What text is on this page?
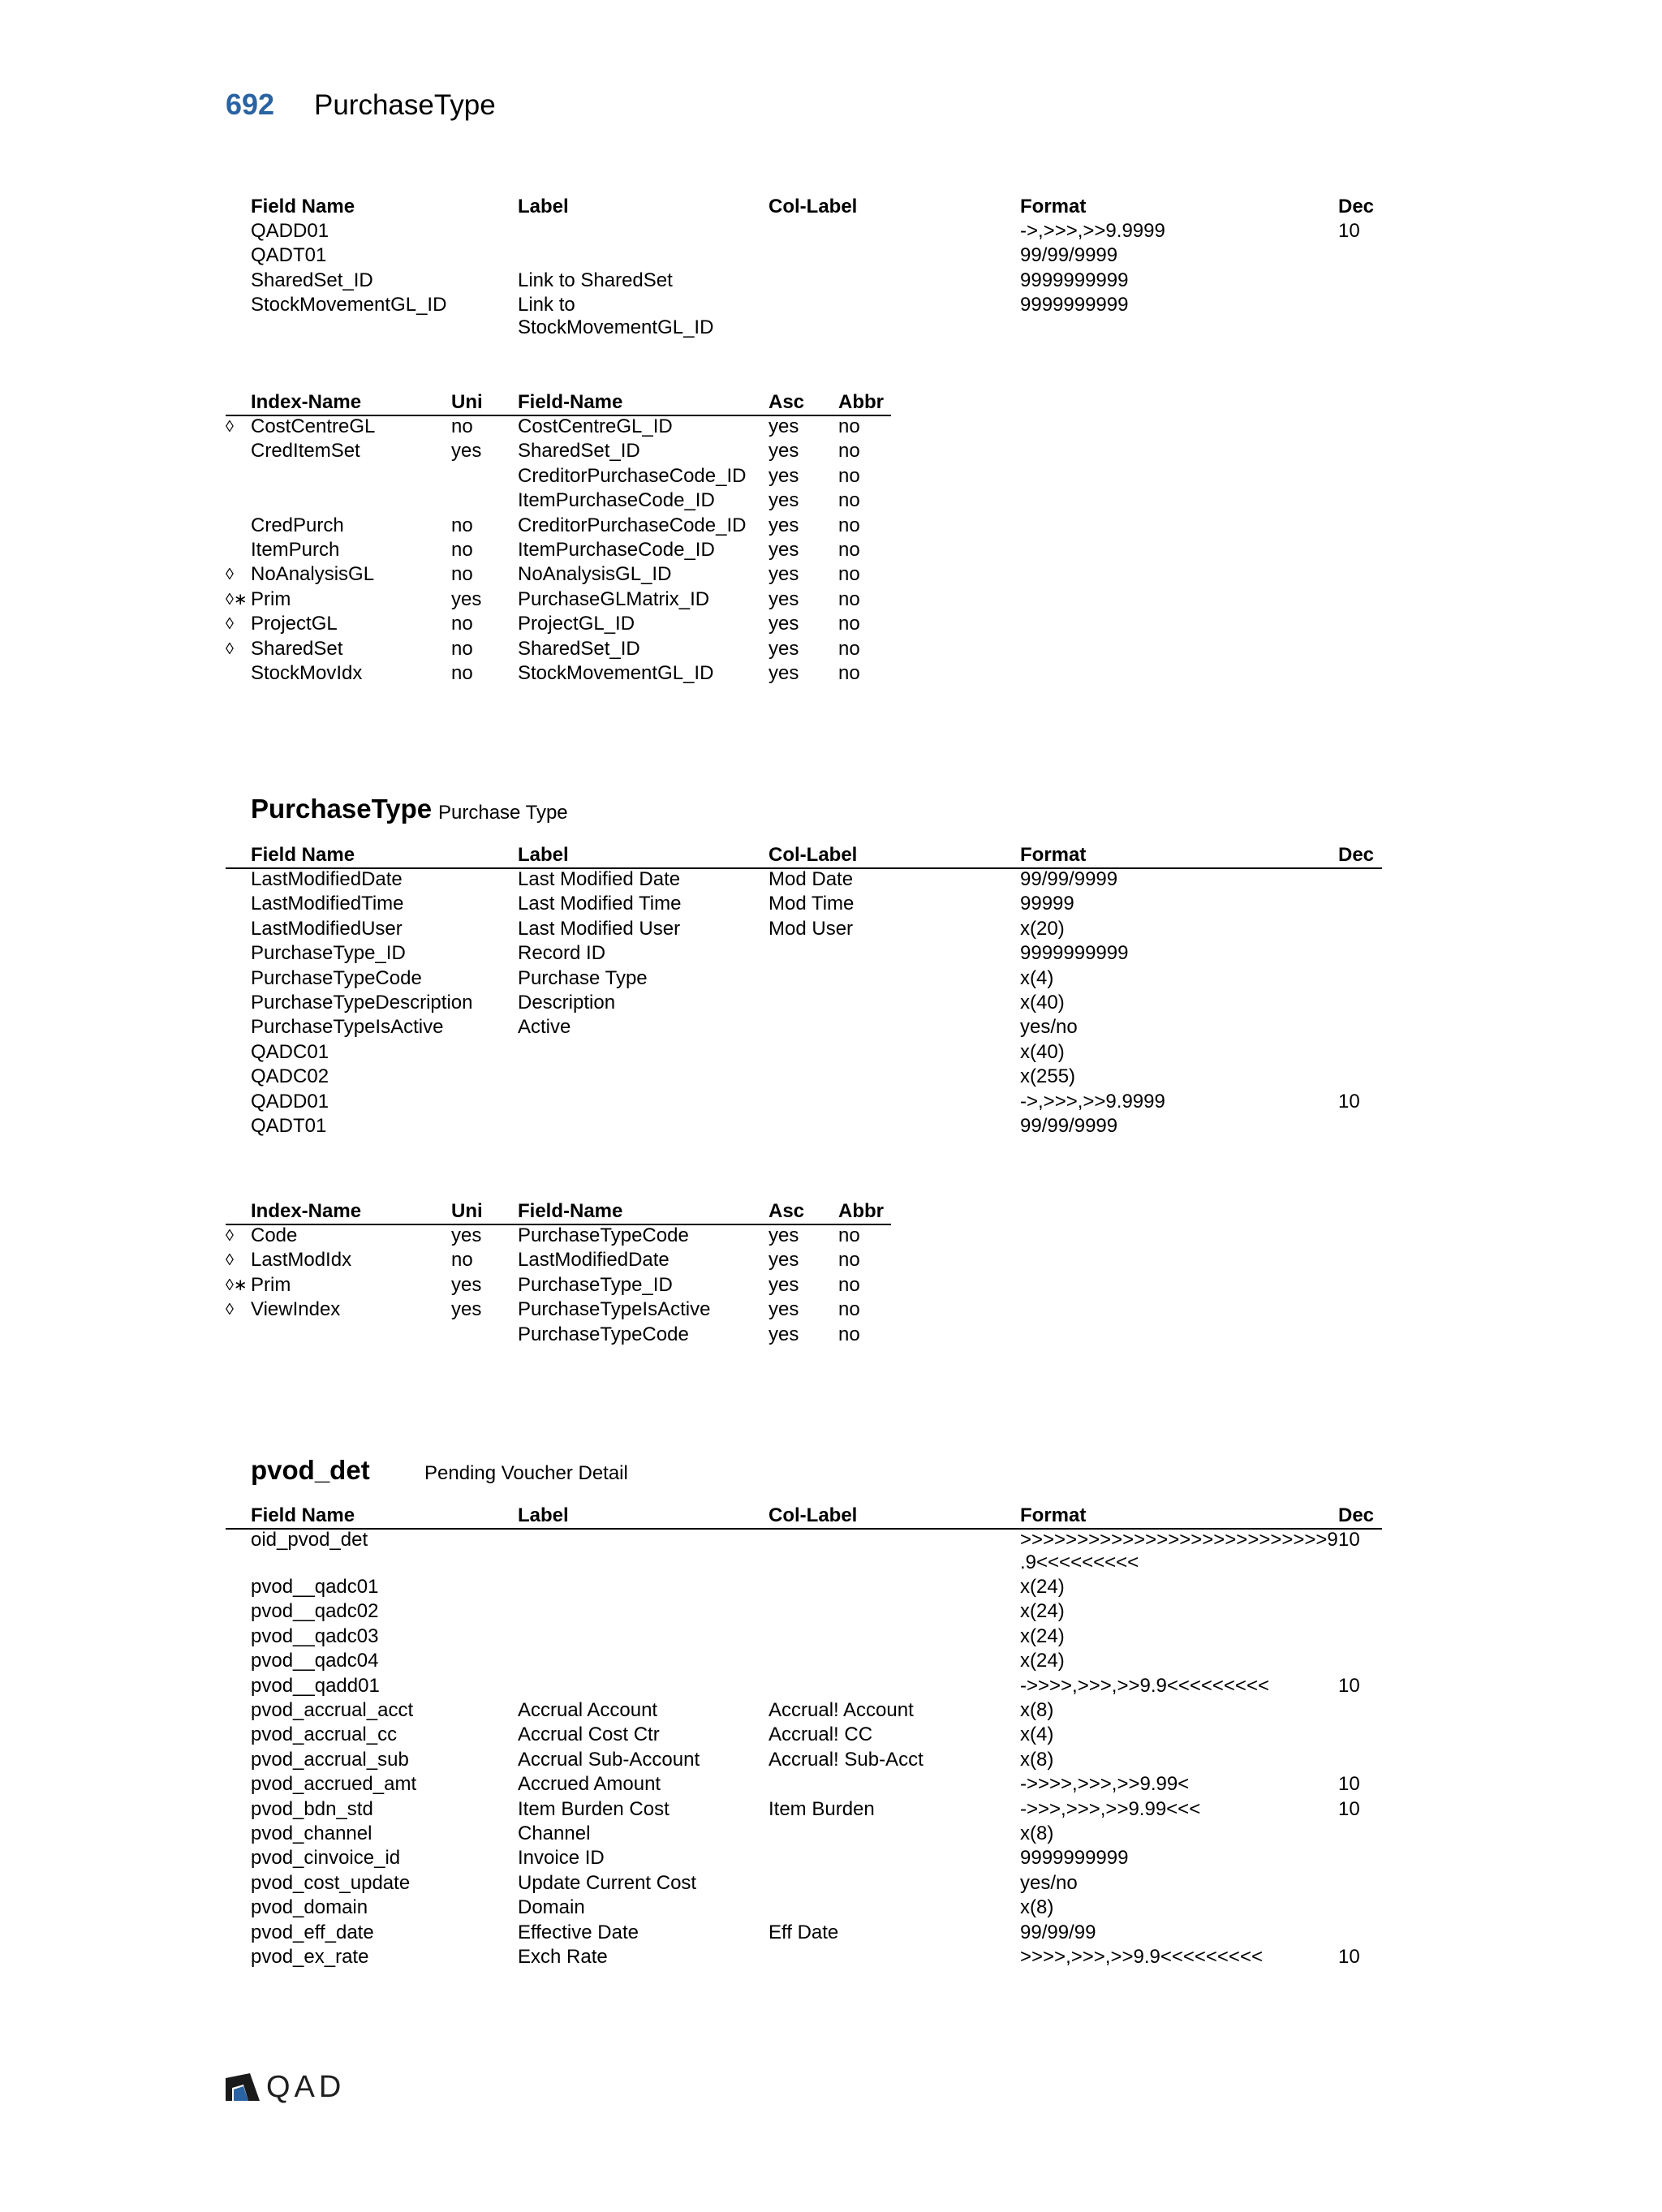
692 PurchaseType
Field Name	Label	Col-Label	Format	Dec
QADD01	->,>>>,>>9.9999	10
QADT01	99/99/9999
SharedSet_ID	Link to SharedSet	9999999999
StockMovementGL_ID	Link to	9999999999
StockMovementGL_ID
Index-Name	Uni Field-Name	Asc Abbr
◊ CostCentreGL	no CostCentreGL_ID	yes no
CredItemSet	yes SharedSet_ID	yes no
CreditorPurchaseCode_ID yes no
ItemPurchaseCode_ID	yes no
CredPurch	no CreditorPurchaseCode_ID yes no
ItemPurch	no ItemPurchaseCode_ID	yes no
◊ NoAnalysisGL	no NoAnalysisGL_ID	yes no
◊∗ Prim	yes PurchaseGLMatrix_ID	yes no
◊ ProjectGL	no ProjectGL_ID	yes no
◊ SharedSet	no SharedSet_ID	yes no
StockMovIdx	no StockMovementGL_ID	yes no
PurchaseType Purchase Type
Field Name	Label	Col-Label	Format	Dec
LastModifiedDate	Last Modified Date	Mod Date	99/99/9999
LastModifiedTime	Last Modified Time	Mod Time	99999
LastModifiedUser	Last Modified User	Mod User	x(20)
PurchaseType_ID	Record ID	9999999999
PurchaseTypeCode	Purchase Type	x(4)
PurchaseTypeDescription Description	x(40)
PurchaseTypeIsActive	Active	yes/no
QADC01	x(40)
QADC02	x(255)
QADD01	->,>>>,>>9.9999	10
QADT01	99/99/9999
Index-Name	Uni Field-Name	Asc Abbr
◊ Code	yes PurchaseTypeCode	yes no
◊ LastModIdx	no LastModifiedDate	yes no
◊∗ Prim	yes PurchaseType_ID	yes no
◊ ViewIndex	yes PurchaseTypeIsActive	yes no
PurchaseTypeCode	yes no
pvod_det	Pending Voucher Detail
Field Name	Label	Col-Label	Format	Dec
oid_pvod_det	>>>>>>>>>>>>>>>>>>>>>>>>>>>9 10
.9<<<<<<<<<
pvod__qadc01	x(24)
pvod__qadc02	x(24)
pvod__qadc03	x(24)
pvod__qadc04	x(24)
pvod__qadd01	->>>>,>>>,>>9.9<<<<<<<<<	10
pvod_accrual_acct	Accrual Account	Accrual! Account	x(8)
pvod_accrual_cc	Accrual Cost Ctr	Accrual! CC	x(4)
pvod_accrual_sub	Accrual Sub-Account	Accrual! Sub-Acct	x(8)
pvod_accrued_amt	Accrued Amount	->>>>,>>>,>>9.99<	10
pvod_bdn_std	Item Burden Cost	Item Burden	->>>,>>>,>>9.99<<<	10
pvod_channel	Channel	x(8)
pvod_cinvoice_id	Invoice ID	9999999999
pvod_cost_update	Update Current Cost	yes/no
pvod_domain	Domain	x(8)
pvod_eff_date	Effective Date	Eff Date	99/99/99
pvod_ex_rate	Exch Rate	>>>>,>>>,>>9.9<<<<<<<<<	10
QAD
